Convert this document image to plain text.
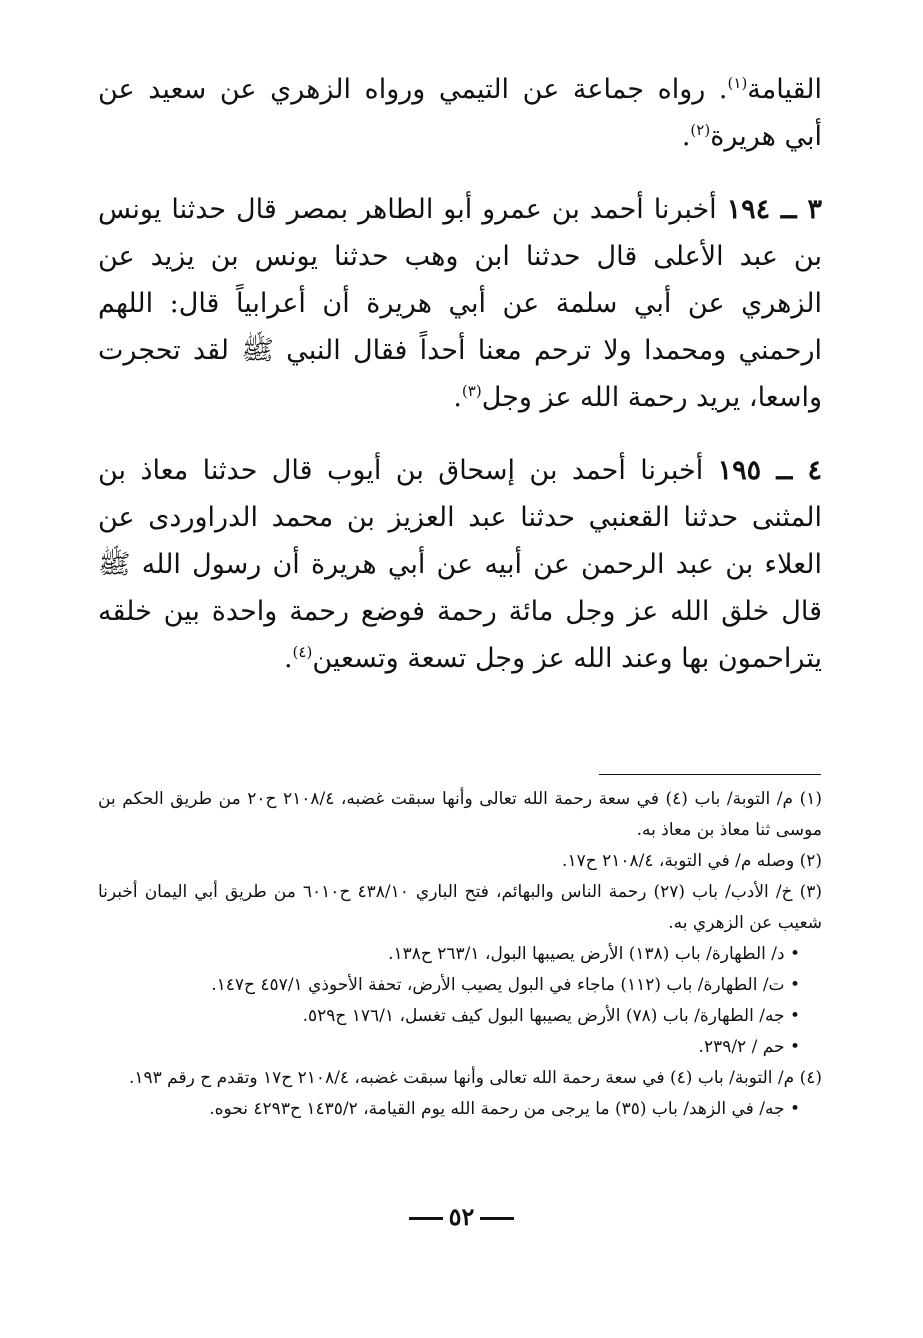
القيامة$^{(١)}$. رواه جماعة عن التيمي ورواه الزهري عن سعيد عن أبي هريرة$^{(٢)}$.

٣ ــ ١٩٤ أخبرنا أحمد بن عمرو أبو الطاهر بمصر قال حدثنا يونس بن عبد الأعلى قال حدثنا ابن وهب حدثنا يونس بن يزيد عن الزهري عن أبي سلمة عن أبي هريرة أن أعرابياً قال: اللهم ارحمني ومحمدا ولا ترحم معنا أحداً فقال النبي ﷺ لقد تحجرت واسعا، يريد رحمة الله عز وجل$^{(٣)}$.

٤ ــ ١٩٥ أخبرنا أحمد بن إسحاق بن أيوب قال حدثنا معاذ بن المثنى حدثنا القعنبي حدثنا عبد العزيز بن محمد الدراوردى عن العلاء بن عبد الرحمن عن أبيه عن أبي هريرة أن رسول الله ﷺ قال خلق الله عز وجل مائة رحمة فوضع رحمة واحدة بين خلقه يتراحمون بها وعند الله عز وجل تسعة وتسعين$^{(٤)}$.

(١) م/ التوبة/ باب (٤) في سعة رحمة الله تعالى وأنها سبقت غضبه، ٢١٠٨/٤ ح٢٠ من طريق الحكم بن موسى ثنا معاذ بن معاذ به.

(٢) وصله م/ في التوبة، ٢١٠٨/٤ ح١٧.

(٣) خ/ الأدب/ باب (٢٧) رحمة الناس والبهائم، فتح الباري ٤٣٨/١٠ ح٦٠١٠ من طريق أبي اليمان أخبرنا شعيب عن الزهري به.

• د/ الطهارة/ باب (١٣٨) الأرض يصيبها البول، ٢٦٣/١ ح١٣٨.

• ت/ الطهارة/ باب (١١٢) ماجاء في البول يصيب الأرض، تحفة الأحوذي ٤٥٧/١ ح١٤٧.

• جه/ الطهارة/ باب (٧٨) الأرض يصيبها البول كيف تغسل، ١٧٦/١ ح٥٢٩.

• حم / ٢٣٩/٢.

(٤) م/ التوبة/ باب (٤) في سعة رحمة الله تعالى وأنها سبقت غضبه، ٢١٠٨/٤ ح١٧ وتقدم ح رقم ١٩٣.

• جه/ في الزهد/ باب (٣٥) ما يرجى من رحمة الله يوم القيامة، ١٤٣٥/٢ ح٤٢٩٣ نحوه.

٥٢
